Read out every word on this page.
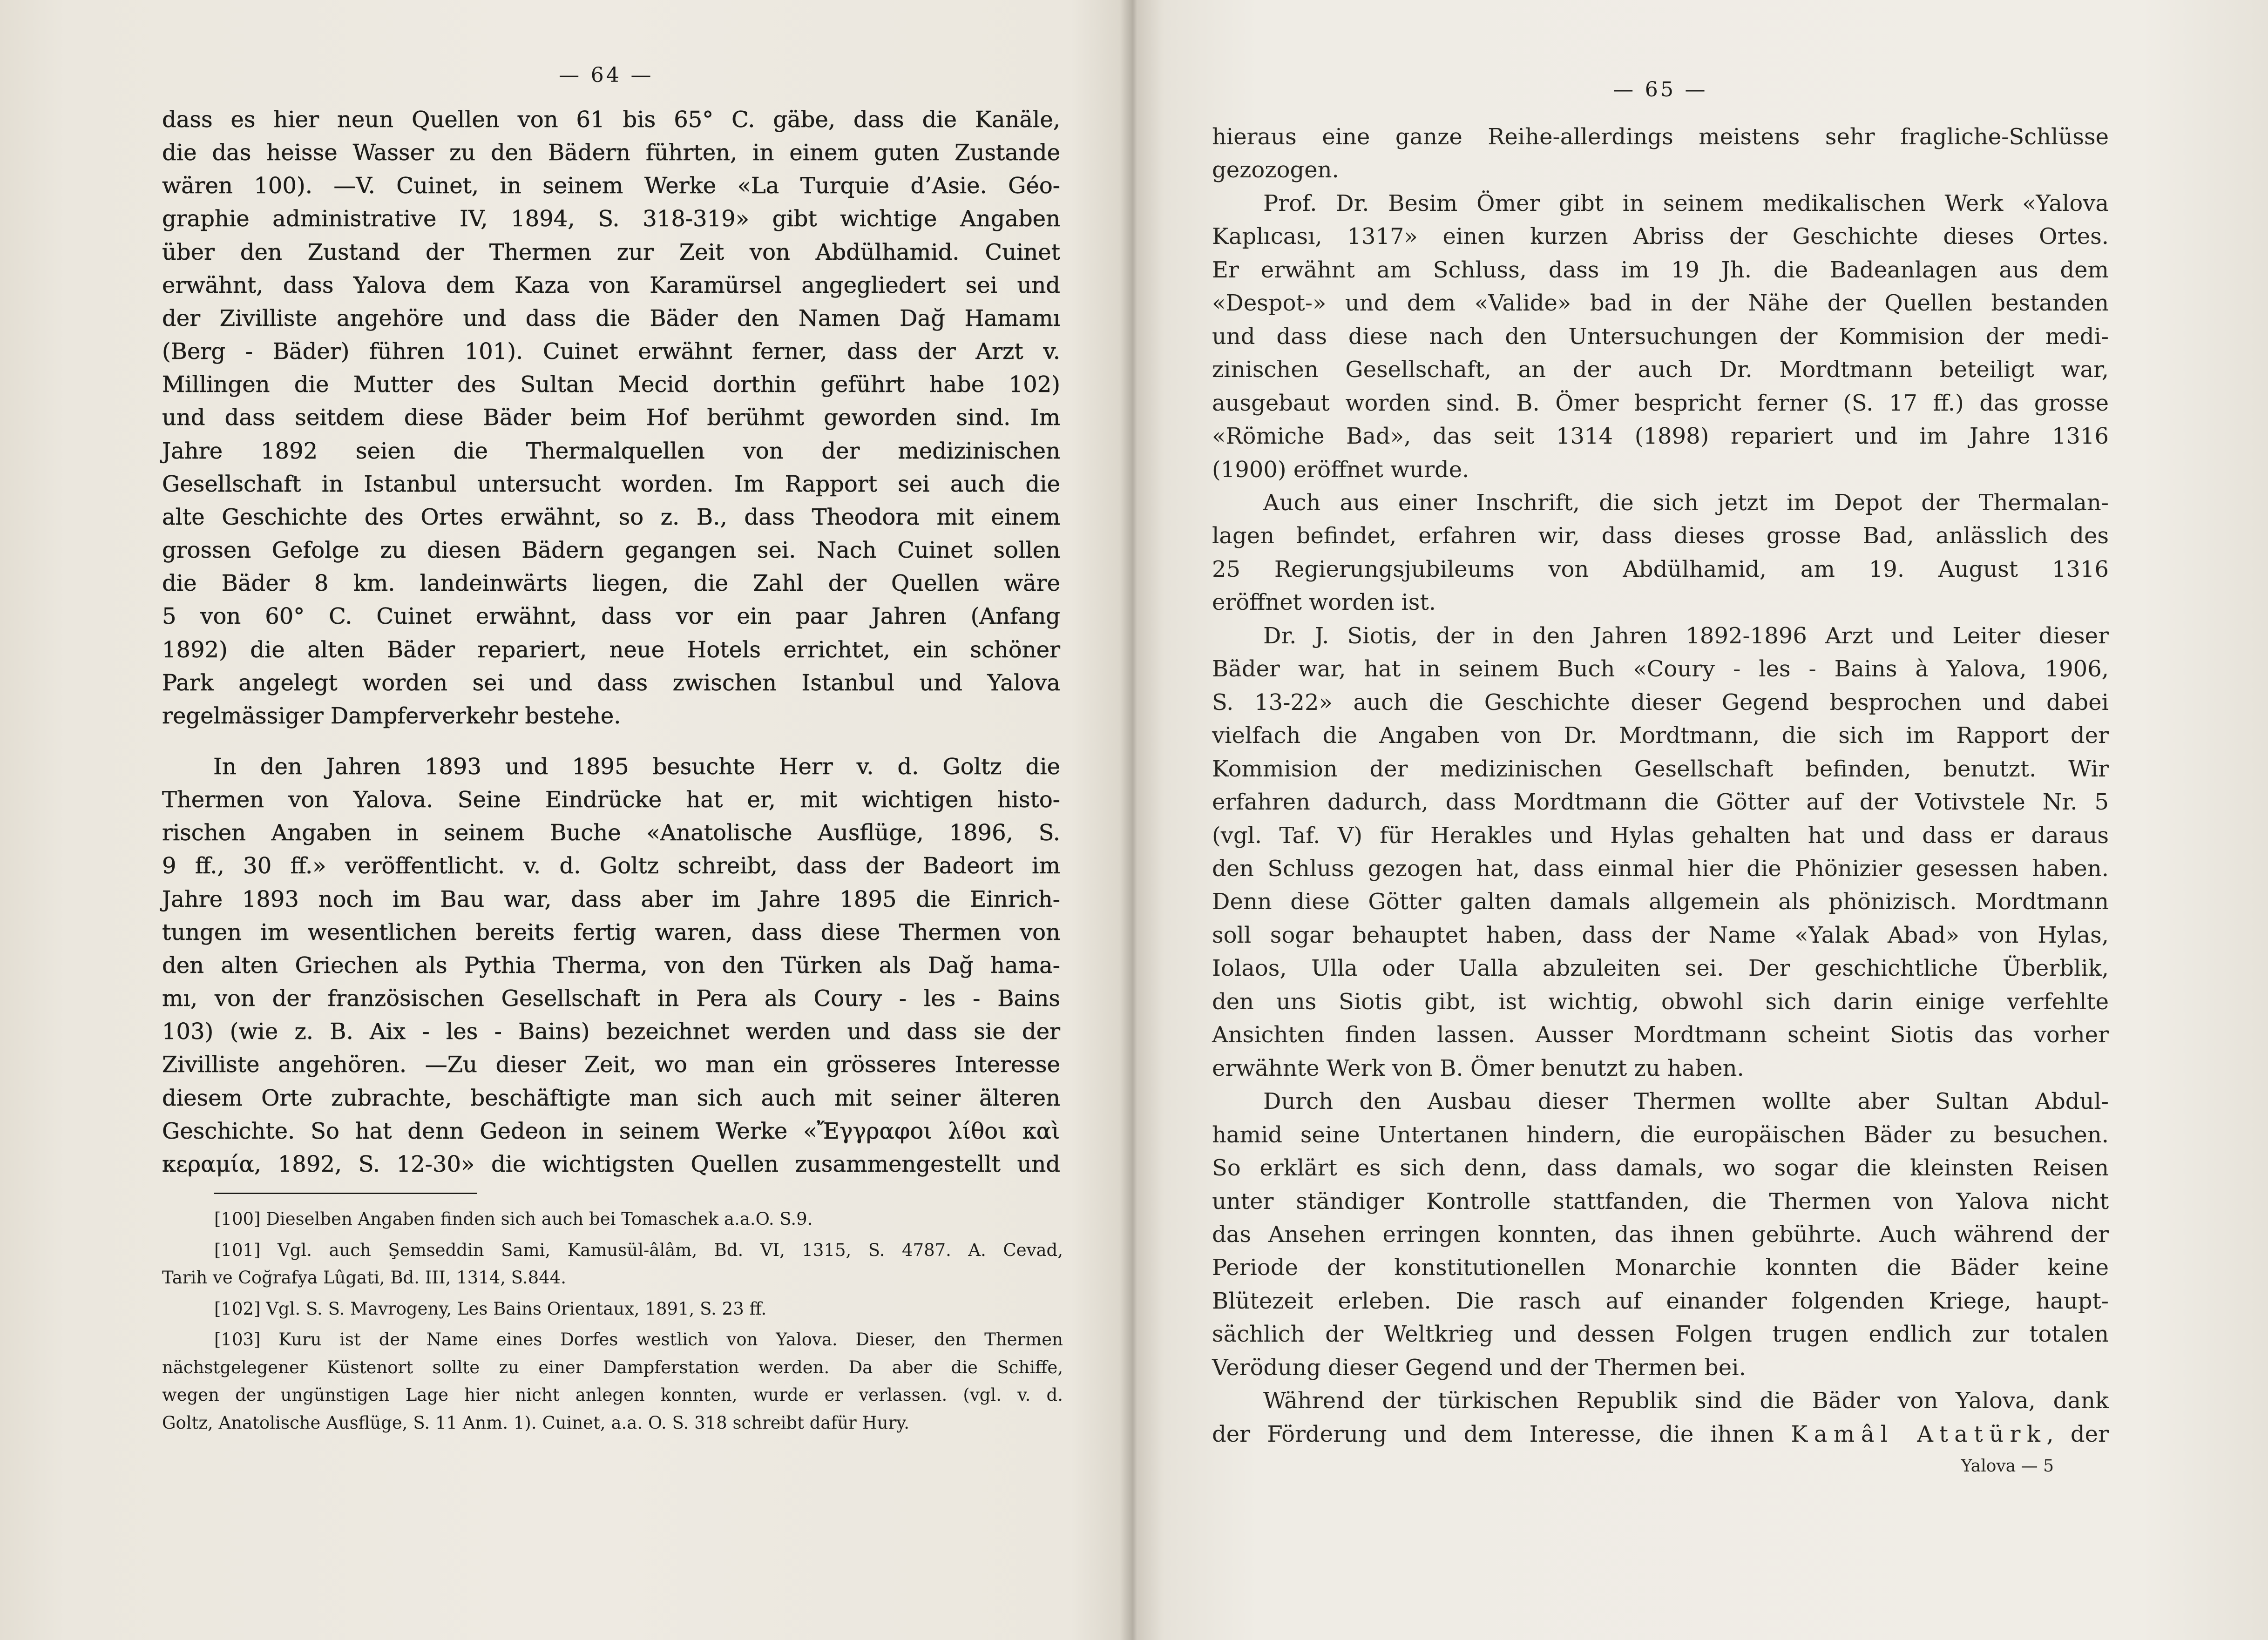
— 64 —
dass es hier neun Quellen von 61 bis 65° C. gäbe, dass die Kanäle,
die das heisse Wasser zu den Bädern führten, in einem guten Zustande
wären 100). —V. Cuinet, in seinem Werke «La Turquie d’Asie. Géo-
graphie administrative IV, 1894, S. 318-319» gibt wichtige Angaben
über den Zustand der Thermen zur Zeit von Abdülhamid. Cuinet
erwähnt, dass Yalova dem Kaza von Karamürsel angegliedert sei und
der Zivilliste angehöre und dass die Bäder den Namen Dağ Hamamı
(Berg - Bäder) führen 101). Cuinet erwähnt ferner, dass der Arzt v.
Millingen die Mutter des Sultan Mecid dorthin geführt habe 102)
und dass seitdem diese Bäder beim Hof berühmt geworden sind. Im
Jahre 1892 seien die Thermalquellen von der medizinischen
Gesellschaft in Istanbul untersucht worden. Im Rapport sei auch die
alte Geschichte des Ortes erwähnt, so z. B., dass Theodora mit einem
grossen Gefolge zu diesen Bädern gegangen sei. Nach Cuinet sollen
die Bäder 8 km. landeinwärts liegen, die Zahl der Quellen wäre
5 von 60° C. Cuinet erwähnt, dass vor ein paar Jahren (Anfang
1892) die alten Bäder repariert, neue Hotels errichtet, ein schöner
Park angelegt worden sei und dass zwischen Istanbul und Yalova
regelmässiger Dampferverkehr bestehe.
In den Jahren 1893 und 1895 besuchte Herr v. d. Goltz die
Thermen von Yalova. Seine Eindrücke hat er, mit wichtigen histo-
rischen Angaben in seinem Buche «Anatolische Ausflüge, 1896, S.
9 ff., 30 ff.» veröffentlicht. v. d. Goltz schreibt, dass der Badeort im
Jahre 1893 noch im Bau war, dass aber im Jahre 1895 die Einrich-
tungen im wesentlichen bereits fertig waren, dass diese Thermen von
den alten Griechen als Pythia Therma, von den Türken als Dağ hama-
mı, von der französischen Gesellschaft in Pera als Coury - les - Bains
103) (wie z. B. Aix - les - Bains) bezeichnet werden und dass sie der
Zivilliste angehören. —Zu dieser Zeit, wo man ein grösseres Interesse
diesem Orte zubrachte, beschäftigte man sich auch mit seiner älteren
Geschichte. So hat denn Gedeon in seinem Werke «Ἔγγραφοι λίθοι καὶ
κεραμία, 1892, S. 12-30» die wichtigsten Quellen zusammengestellt und
[100] Dieselben Angaben finden sich auch bei Tomaschek a.a.O. S.9.
[101] Vgl. auch Şemseddin Sami, Kamusül-âlâm, Bd. VI, 1315, S. 4787. A. Cevad,
Tarih ve Coğrafya Lûgati, Bd. III, 1314, S.844.
[102] Vgl. S. S. Mavrogeny, Les Bains Orientaux, 1891, S. 23 ff.
[103] Kuru ist der Name eines Dorfes westlich von Yalova. Dieser, den Thermen
nächstgelegener Küstenort sollte zu einer Dampferstation werden. Da aber die Schiffe,
wegen der ungünstigen Lage hier nicht anlegen konnten, wurde er verlassen. (vgl. v. d.
Goltz, Anatolische Ausflüge, S. 11 Anm. 1). Cuinet, a.a. O. S. 318 schreibt dafür Hury.
— 65 —
hieraus eine ganze Reihe-allerdings meistens sehr fragliche-Schlüsse
gezozogen.
Prof. Dr. Besim Ömer gibt in seinem medikalischen Werk «Yalova
Kaplıcası, 1317» einen kurzen Abriss der Geschichte dieses Ortes.
Er erwähnt am Schluss, dass im 19 Jh. die Badeanlagen aus dem
«Despot-» und dem «Valide» bad in der Nähe der Quellen bestanden
und dass diese nach den Untersuchungen der Kommision der medi-
zinischen Gesellschaft, an der auch Dr. Mordtmann beteiligt war,
ausgebaut worden sind. B. Ömer bespricht ferner (S. 17 ff.) das grosse
«Römiche Bad», das seit 1314 (1898) repariert und im Jahre 1316
(1900) eröffnet wurde.
Auch aus einer Inschrift, die sich jetzt im Depot der Thermalan-
lagen befindet, erfahren wir, dass dieses grosse Bad, anlässlich des
25 Regierungsjubileums von Abdülhamid, am 19. August 1316
eröffnet worden ist.
Dr. J. Siotis, der in den Jahren 1892-1896 Arzt und Leiter dieser
Bäder war, hat in seinem Buch «Coury - les - Bains à Yalova, 1906,
S. 13-22» auch die Geschichte dieser Gegend besprochen und dabei
vielfach die Angaben von Dr. Mordtmann, die sich im Rapport der
Kommision der medizinischen Gesellschaft befinden, benutzt. Wir
erfahren dadurch, dass Mordtmann die Götter auf der Votivstele Nr. 5
(vgl. Taf. V) für Herakles und Hylas gehalten hat und dass er daraus
den Schluss gezogen hat, dass einmal hier die Phönizier gesessen haben.
Denn diese Götter galten damals allgemein als phönizisch. Mordtmann
soll sogar behauptet haben, dass der Name «Yalak Abad» von Hylas,
Iolaos, Ulla oder Ualla abzuleiten sei. Der geschichtliche Überblik,
den uns Siotis gibt, ist wichtig, obwohl sich darin einige verfehlte
Ansichten finden lassen. Ausser Mordtmann scheint Siotis das vorher
erwähnte Werk von B. Ömer benutzt zu haben.
Durch den Ausbau dieser Thermen wollte aber Sultan Abdul-
hamid seine Untertanen hindern, die europäischen Bäder zu besuchen.
So erklärt es sich denn, dass damals, wo sogar die kleinsten Reisen
unter ständiger Kontrolle stattfanden, die Thermen von Yalova nicht
das Ansehen erringen konnten, das ihnen gebührte. Auch während der
Periode der konstitutionellen Monarchie konnten die Bäder keine
Blütezeit erleben. Die rasch auf einander folgenden Kriege, haupt-
sächlich der Weltkrieg und dessen Folgen trugen endlich zur totalen
Verödung dieser Gegend und der Thermen bei.
Während der türkischen Republik sind die Bäder von Yalova, dank
der Förderung und dem Interesse, die ihnen Kamâl Atatürk, der
Yalova — 5
